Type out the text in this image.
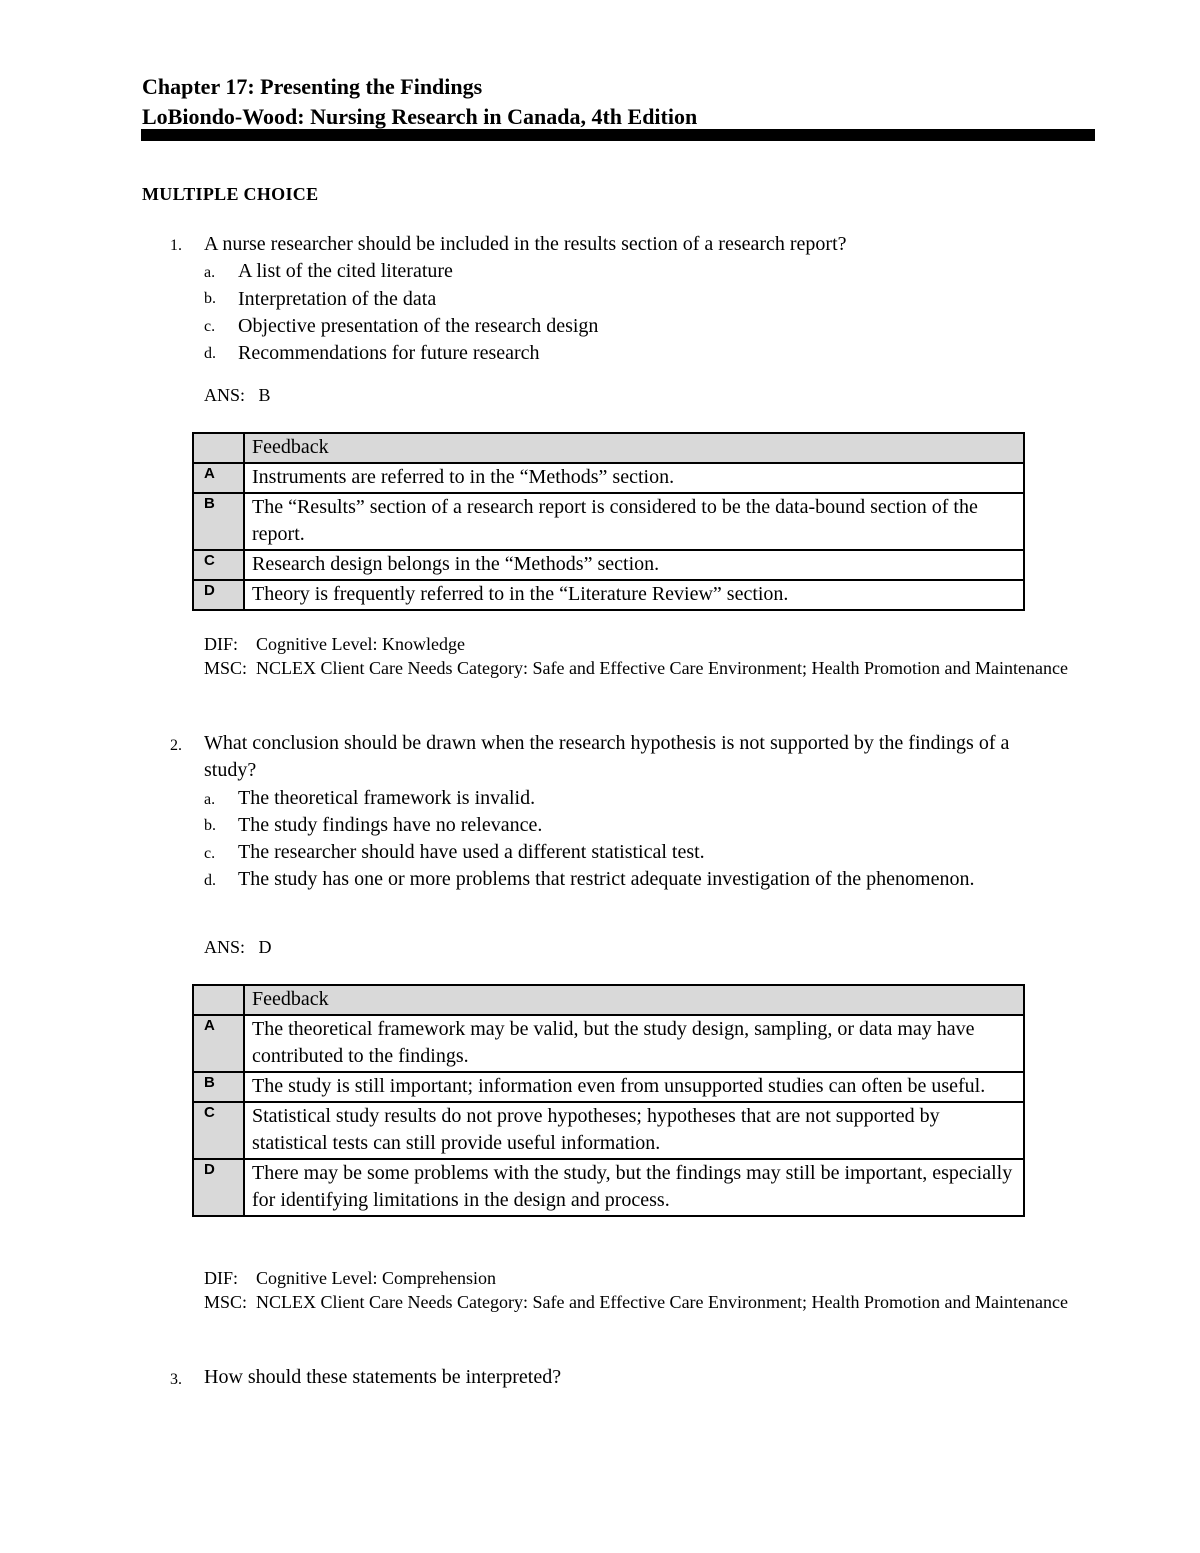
Chapter 17: Presenting the Findings
LoBiondo-Wood: Nursing Research in Canada, 4th Edition
MULTIPLE CHOICE
1. A nurse researcher should be included in the results section of a research report?
a. A list of the cited literature
b. Interpretation of the data
c. Objective presentation of the research design
d. Recommendations for future research
ANS:   B
	Feedback
A	Instruments are referred to in the “Methods” section.
B	The “Results” section of a research report is considered to be the data-bound section of the report.
C	Research design belongs in the “Methods” section.
D	Theory is frequently referred to in the “Literature Review” section.
DIF:    Cognitive Level: Knowledge
MSC:  NCLEX Client Care Needs Category: Safe and Effective Care Environment; Health Promotion and Maintenance
2. What conclusion should be drawn when the research hypothesis is not supported by the findings of a study?
a. The theoretical framework is invalid.
b. The study findings have no relevance.
c. The researcher should have used a different statistical test.
d. The study has one or more problems that restrict adequate investigation of the phenomenon.
ANS:   D
	Feedback
A	The theoretical framework may be valid, but the study design, sampling, or data may have contributed to the findings.
B	The study is still important; information even from unsupported studies can often be useful.
C	Statistical study results do not prove hypotheses; hypotheses that are not supported by statistical tests can still provide useful information.
D	There may be some problems with the study, but the findings may still be important, especially for identifying limitations in the design and process.
DIF:    Cognitive Level: Comprehension
MSC:  NCLEX Client Care Needs Category: Safe and Effective Care Environment; Health Promotion and Maintenance
3. How should these statements be interpreted?
